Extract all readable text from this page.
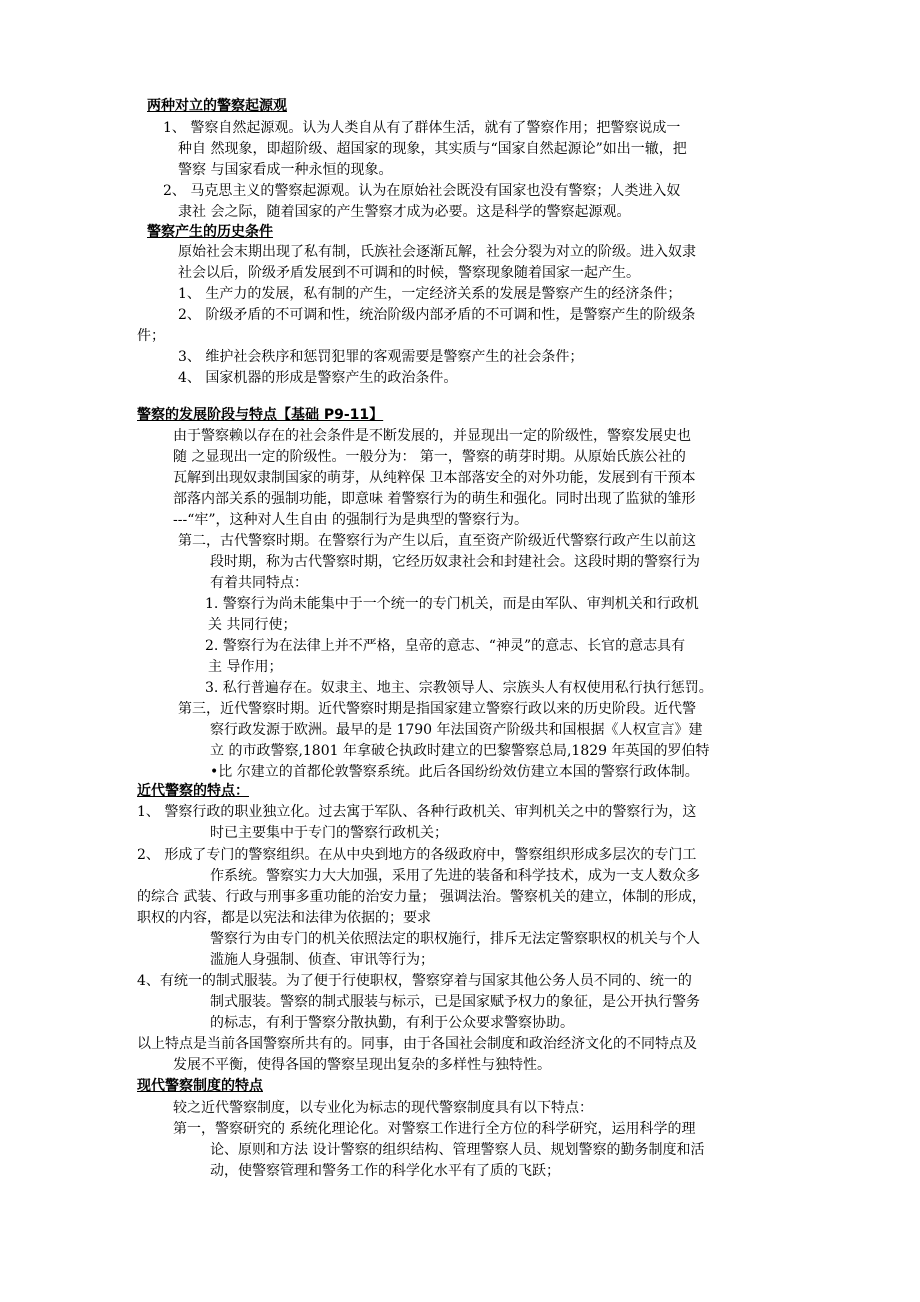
两种对立的警察起源观
1、 警察自然起源观。认为人类自从有了群体生活，就有了警察作用；把警察说成一
种自 然现象，即超阶级、超国家的现象，其实质与“国家自然起源论”如出一辙，把
警察 与国家看成一种永恒的现象。
2、 马克思主义的警察起源观。认为在原始社会既没有国家也没有警察；人类进入奴
隶社 会之际，随着国家的产生警察才成为必要。这是科学的警察起源观。
警察产生的历史条件
原始社会末期出现了私有制，氏族社会逐渐瓦解，社会分裂为对立的阶级。进入奴隶
社会以后，阶级矛盾发展到不可调和的时候，警察现象随着国家一起产生。
1、 生产力的发展，私有制的产生，一定经济关系的发展是警察产生的经济条件；
2、 阶级矛盾的不可调和性，统治阶级内部矛盾的不可调和性，是警察产生的阶级条
件；
3、 维护社会秩序和惩罚犯罪的客观需要是警察产生的社会条件；
4、 国家机器的形成是警察产生的政治条件。
警察的发展阶段与特点【基础 P9-11】
由于警察赖以存在的社会条件是不断发展的，并显现出一定的阶级性，警察发展史也
随 之显现出一定的阶级性。一般分为： 第一，警察的萌芽时期。从原始氏族公社的
瓦解到出现奴隶制国家的萌芽，从纯粹保 卫本部落安全的对外功能，发展到有干预本
部落内部关系的强制功能，即意味 着警察行为的萌生和强化。同时出现了监狱的雏形
---“牢”，这种对人生自由 的强制行为是典型的警察行为。
第二，古代警察时期。在警察行为产生以后，直至资产阶级近代警察行政产生以前这
段时期，称为古代警察时期，它经历奴隶社会和封建社会。这段时期的警察行为
有着共同特点：
1. 警察行为尚未能集中于一个统一的专门机关，而是由军队、审判机关和行政机
关 共同行使；
2. 警察行为在法律上并不严格，皇帝的意志、“神灵”的意志、长官的意志具有
主 导作用；
3. 私行普遍存在。奴隶主、地主、宗教领导人、宗族头人有权使用私行执行惩罚。
第三，近代警察时期。近代警察时期是指国家建立警察行政以来的历史阶段。近代警
察行政发源于欧洲。最早的是 1790 年法国资产阶级共和国根据《人权宣言》建
立 的市政警察,1801 年拿破仑执政时建立的巴黎警察总局,1829 年英国的罗伯特
•比 尔建立的首都伦敦警察系统。此后各国纷纷效仿建立本国的警察行政体制。
近代警察的特点：
1、 警察行政的职业独立化。过去寓于军队、各种行政机关、审判机关之中的警察行为，这
时已主要集中于专门的警察行政机关；
2、 形成了专门的警察组织。在从中央到地方的各级政府中，警察组织形成多层次的专门工
作系统。警察实力大大加强，采用了先进的装备和科学技术，成为一支人数众多
的综合 武装、行政与刑事多重功能的治安力量； 强调法治。警察机关的建立，体制的形成，
职权的内容，都是以宪法和法律为依据的；要求
警察行为由专门的机关依照法定的职权施行，排斥无法定警察职权的机关与个人
滥施人身强制、侦查、审讯等行为；
4、有统一的制式服装。为了便于行使职权，警察穿着与国家其他公务人员不同的、统一的
制式服装。警察的制式服装与标示，已是国家赋予权力的象征，是公开执行警务
的标志，有利于警察分散执勤，有利于公众要求警察协助。
以上特点是当前各国警察所共有的。同事，由于各国社会制度和政治经济文化的不同特点及
发展不平衡，使得各国的警察呈现出复杂的多样性与独特性。
现代警察制度的特点
较之近代警察制度，以专业化为标志的现代警察制度具有以下特点：
第一，警察研究的 系统化理论化。对警察工作进行全方位的科学研究，运用科学的理
论、原则和方法 设计警察的组织结构、管理警察人员、规划警察的勤务制度和活
动，使警察管理和警务工作的科学化水平有了质的飞跃；
